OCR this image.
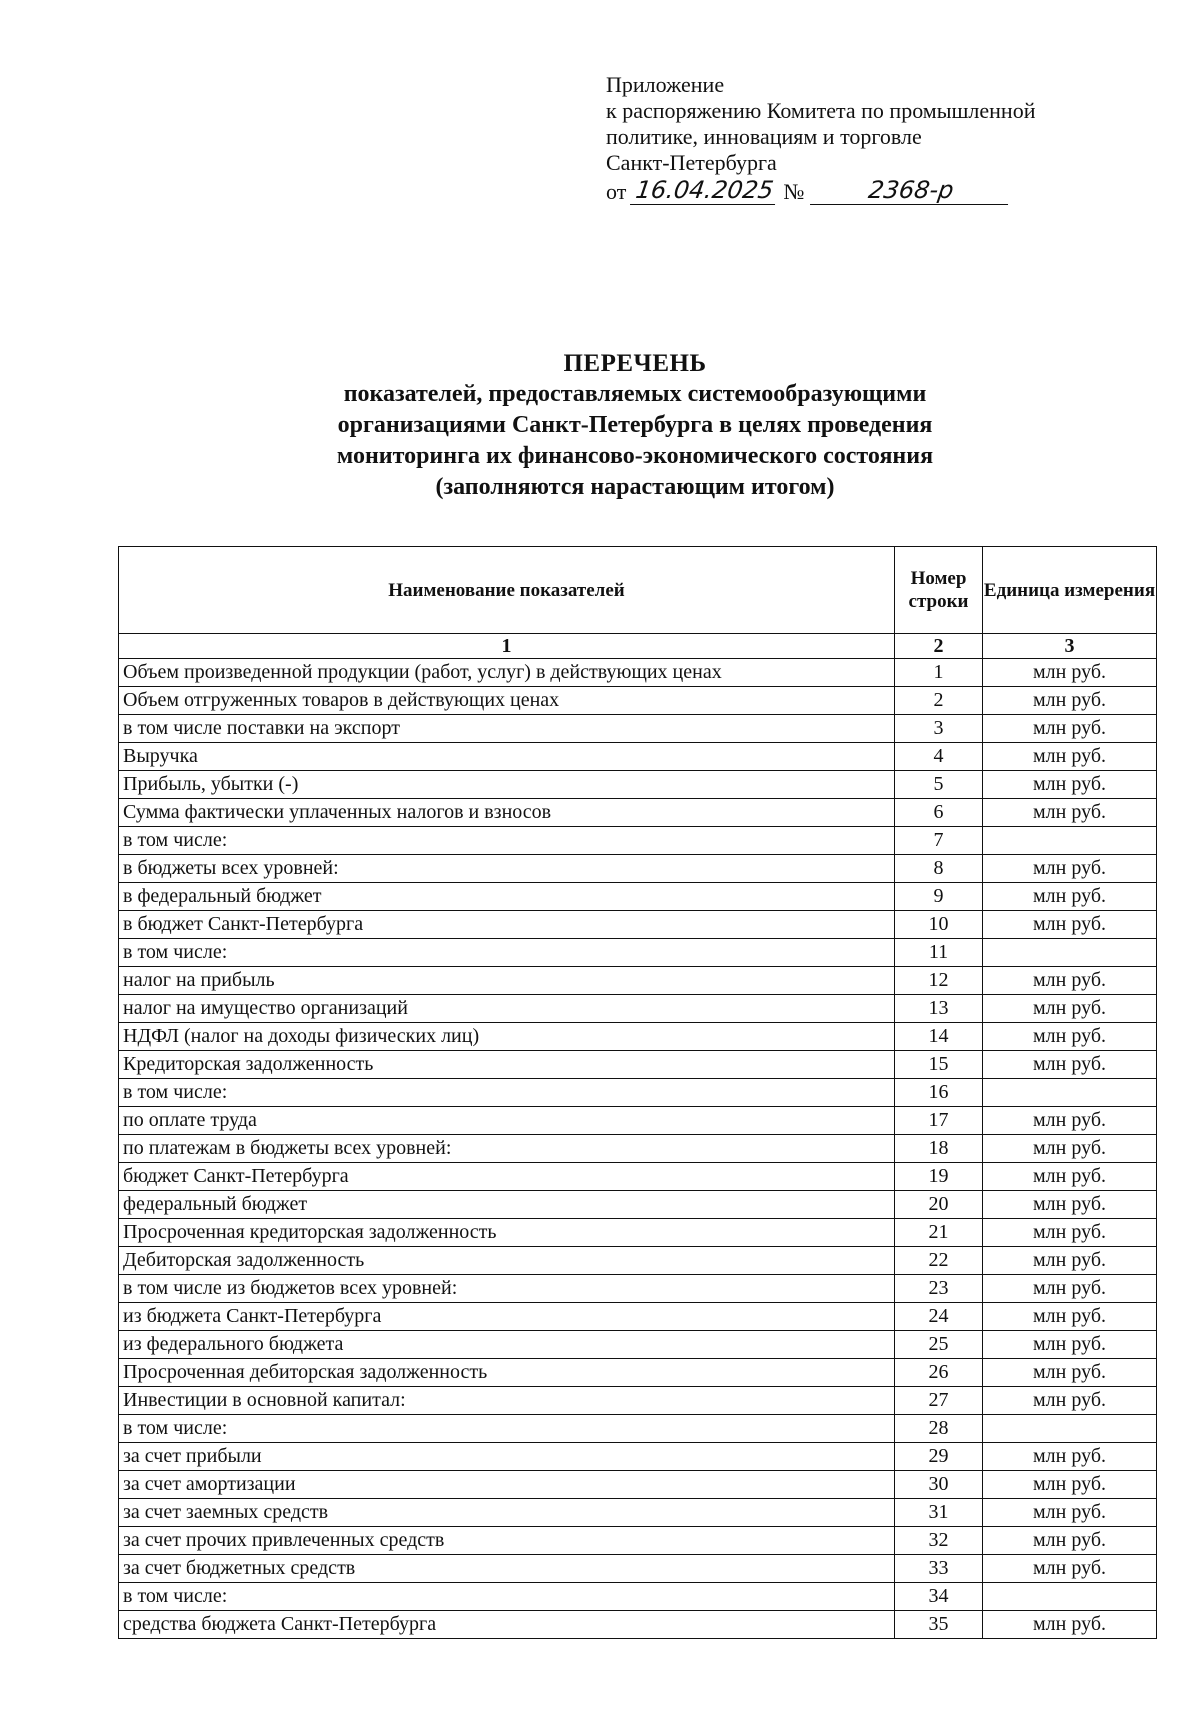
Приложение
к распоряжению Комитета по промышленной
политике, инновациям и торговле
Санкт-Петербурга
от 16.04.2025 №	2368-р
ПЕРЕЧЕНЬ
показателей, предоставляемых системообразующими
организациями Санкт-Петербурга в целях проведения
мониторинга их финансово-экономического состояния
(заполняются нарастающим итогом)
Наименование показателей	Номер строки	Единица измерения
1	2	3
Объем произведенной продукции (работ, услуг) в действующих ценах	1	млн руб.
Объем отгруженных товаров в действующих ценах	2	млн руб.
в том числе поставки на экспорт	3	млн руб.
Выручка	4	млн руб.
Прибыль, убытки (-)	5	млн руб.
Сумма фактически уплаченных налогов и взносов	6	млн руб.
в том числе:	7	
в бюджеты всех уровней:	8	млн руб.
в федеральный бюджет	9	млн руб.
в бюджет Санкт-Петербурга	10	млн руб.
в том числе:	11	
налог на прибыль	12	млн руб.
налог на имущество организаций	13	млн руб.
НДФЛ (налог на доходы физических лиц)	14	млн руб.
Кредиторская задолженность	15	млн руб.
в том числе:	16	
по оплате труда	17	млн руб.
по платежам в бюджеты всех уровней:	18	млн руб.
бюджет Санкт-Петербурга	19	млн руб.
федеральный бюджет	20	млн руб.
Просроченная кредиторская задолженность	21	млн руб.
Дебиторская задолженность	22	млн руб.
в том числе из бюджетов всех уровней:	23	млн руб.
из бюджета Санкт-Петербурга	24	млн руб.
из федерального бюджета	25	млн руб.
Просроченная дебиторская задолженность	26	млн руб.
Инвестиции в основной капитал:	27	млн руб.
в том числе:	28	
за счет прибыли	29	млн руб.
за счет амортизации	30	млн руб.
за счет заемных средств	31	млн руб.
за счет прочих привлеченных средств	32	млн руб.
за счет бюджетных средств	33	млн руб.
в том числе:	34	
средства бюджета Санкт-Петербурга	35	млн руб.
